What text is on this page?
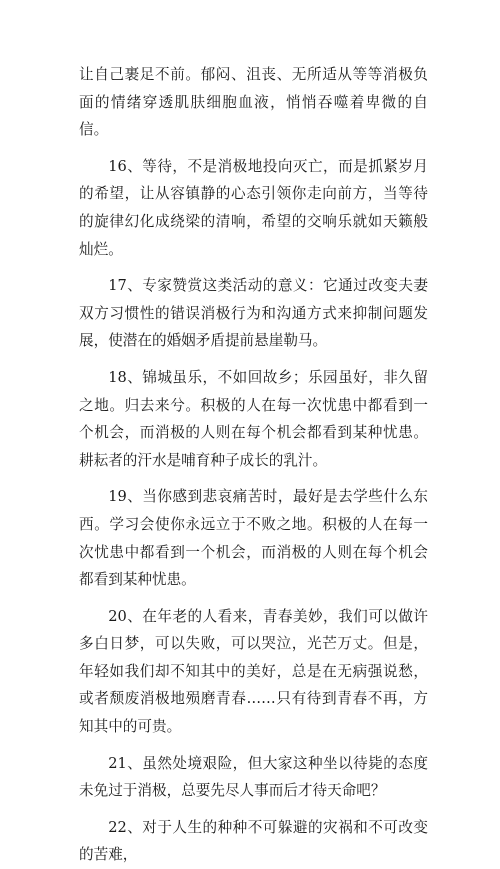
让自己裹足不前。郁闷、沮丧、无所适从等等消极负面的情绪穿透肌肤细胞血液，悄悄吞噬着卑微的自信。

16、等待，不是消极地投向灭亡，而是抓紧岁月的希望，让从容镇静的心态引领你走向前方，当等待的旋律幻化成绕梁的清响，希望的交响乐就如天籁般灿烂。

17、专家赞赏这类活动的意义：它通过改变夫妻双方习惯性的错误消极行为和沟通方式来抑制问题发展，使潜在的婚姻矛盾提前悬崖勒马。

18、锦城虽乐，不如回故乡；乐园虽好，非久留之地。归去来兮。积极的人在每一次忧患中都看到一个机会，而消极的人则在每个机会都看到某种忧患。耕耘者的汗水是哺育种子成长的乳汁。

19、当你感到悲哀痛苦时，最好是去学些什么东西。学习会使你永远立于不败之地。积极的人在每一次忧患中都看到一个机会，而消极的人则在每个机会都看到某种忧患。

20、在年老的人看来，青春美妙，我们可以做许多白日梦，可以失败，可以哭泣，光芒万丈。但是，年轻如我们却不知其中的美好，总是在无病强说愁，或者颓废消极地殒磨青春……只有待到青春不再，方知其中的可贵。

21、虽然处境艰险，但大家这种坐以待毙的态度未免过于消极，总要先尽人事而后才待天命吧？

22、对于人生的种种不可躲避的灾祸和不可改变的苦难，
